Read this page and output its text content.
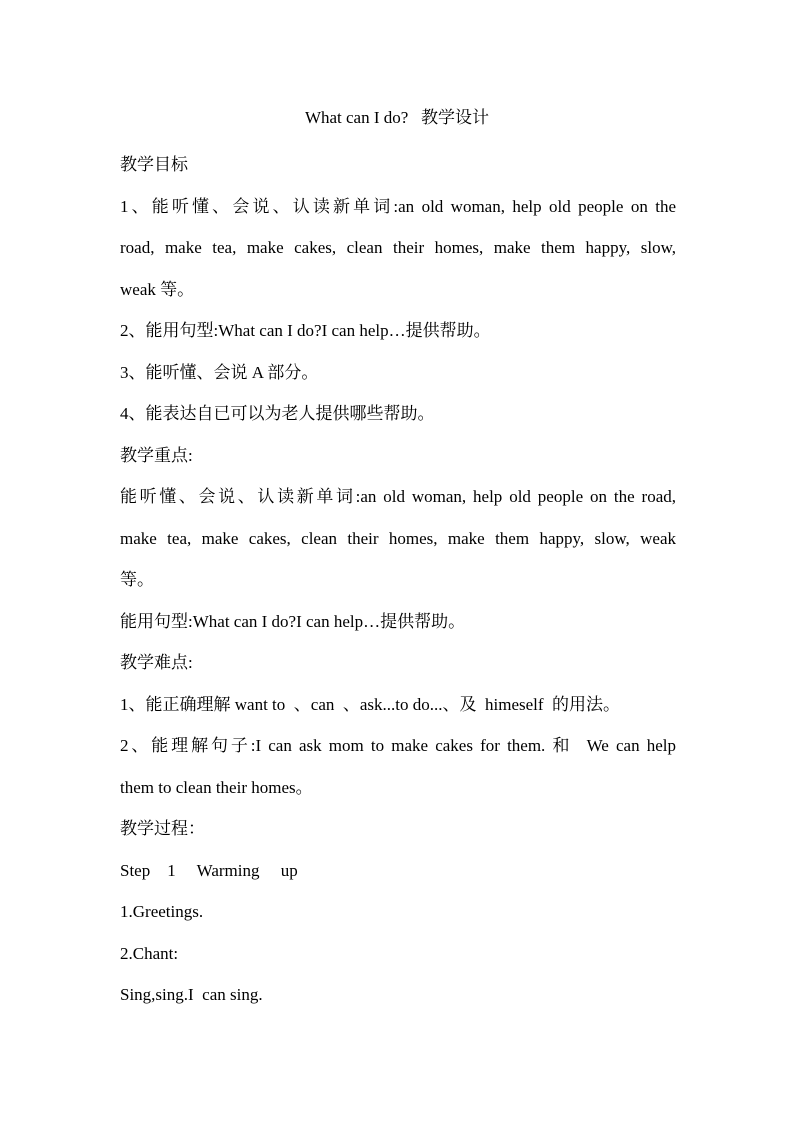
What can I do?   教学设计
教学目标
1、能听懂、会说、认读新单词:an old woman, help old people on the
road, make tea, make cakes, clean their homes, make them happy, slow,
weak 等。
2、能用句型:What can I do?I can help…提供帮助。
3、能听懂、会说 A 部分。
4、能表达自已可以为老人提供哪些帮助。
教学重点:
能听懂、会说、认读新单词:an old woman, help old people on the road,
make tea, make cakes, clean their homes, make them happy, slow, weak
等。
能用句型:What can I do?I can help…提供帮助。
教学难点:
1、能正确理解 want to  、can  、ask...to do...、及  himeself  的用法。
2、能理解句子:I can ask mom to make cakes for them. 和  We can help
them to clean their homes。
教学过程：
Step    1     Warming     up
1.Greetings.
2.Chant:
Sing,sing.I  can sing.
